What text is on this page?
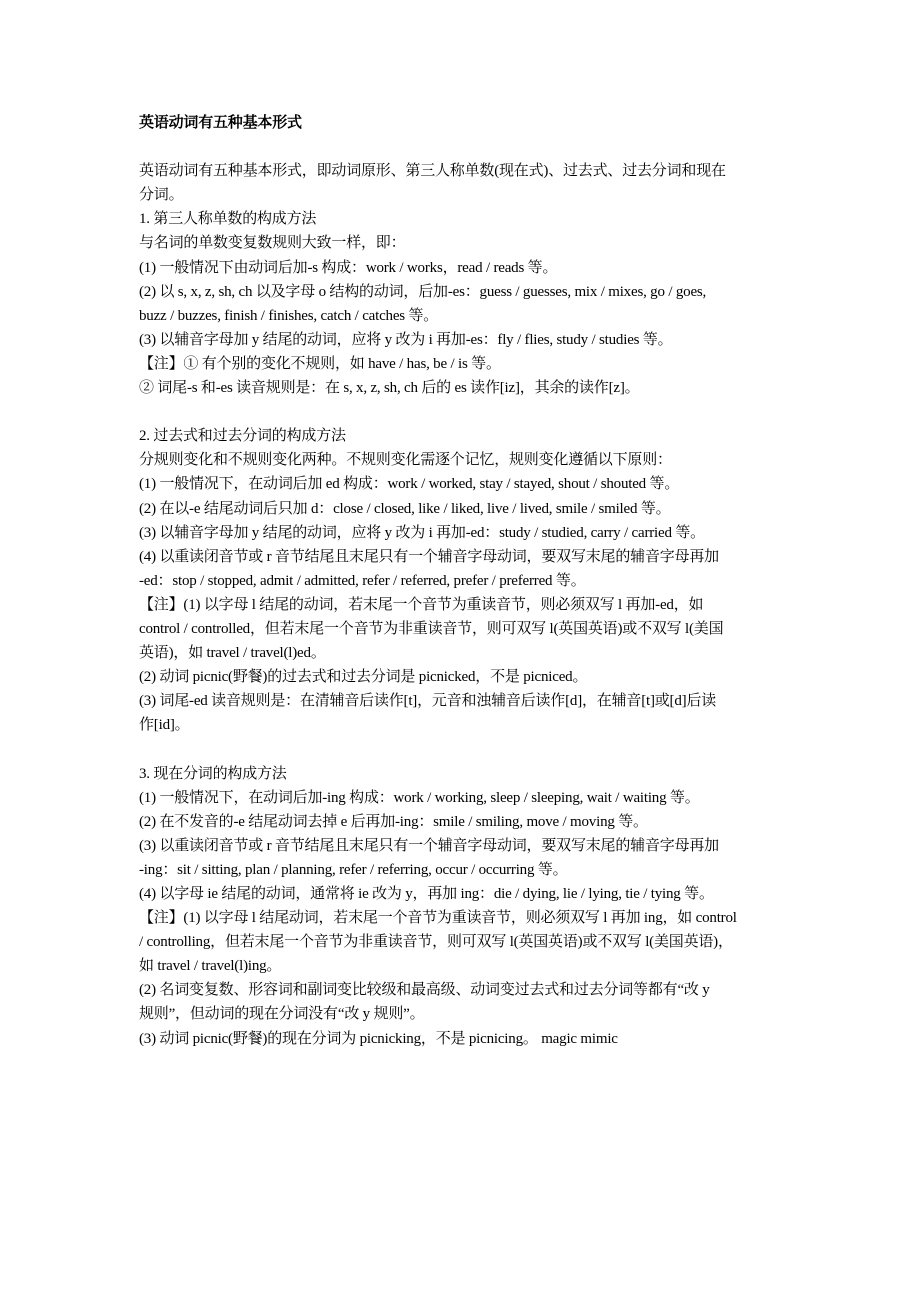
英语动词有五种基本形式
英语动词有五种基本形式，即动词原形、第三人称单数(现在式)、过去式、过去分词和现在
分词。
1. 第三人称单数的构成方法
与名词的单数变复数规则大致一样，即：
(1) 一般情况下由动词后加-s 构成：work / works，read / reads 等。
(2) 以 s, x, z, sh, ch 以及字母 o 结构的动词，后加-es：guess / guesses, mix / mixes, go / goes,
buzz / buzzes, finish / finishes, catch / catches 等。
(3) 以辅音字母加 y 结尾的动词，应将 y 改为 i 再加-es：fly / flies, study / studies 等。
【注】① 有个别的变化不规则，如 have / has, be / is 等。
② 词尾-s 和-es 读音规则是：在 s, x, z, sh, ch 后的 es 读作[iz]，其余的读作[z]。
2. 过去式和过去分词的构成方法
分规则变化和不规则变化两种。不规则变化需逐个记忆，规则变化遵循以下原则：
(1) 一般情况下，在动词后加 ed 构成：work / worked, stay / stayed, shout / shouted 等。
(2) 在以-e 结尾动词后只加 d：close / closed, like / liked, live / lived, smile / smiled 等。
(3) 以辅音字母加 y 结尾的动词，应将 y 改为 i 再加-ed：study / studied, carry / carried 等。
(4) 以重读闭音节或 r 音节结尾且末尾只有一个辅音字母动词，要双写末尾的辅音字母再加
-ed：stop / stopped, admit / admitted, refer / referred, prefer / preferred 等。
【注】(1) 以字母 l 结尾的动词，若末尾一个音节为重读音节，则必须双写 l 再加-ed，如
control / controlled，但若末尾一个音节为非重读音节，则可双写 l(英国英语)或不双写 l(美国
英语)，如 travel / travel(l)ed。
(2) 动词 picnic(野餐)的过去式和过去分词是 picnicked，不是 picniced。
(3) 词尾-ed 读音规则是：在清辅音后读作[t]，元音和浊辅音后读作[d]，在辅音[t]或[d]后读
作[id]。
3. 现在分词的构成方法
(1) 一般情况下，在动词后加-ing 构成：work / working, sleep / sleeping, wait / waiting 等。
(2) 在不发音的-e 结尾动词去掉 e 后再加-ing：smile / smiling, move / moving 等。
(3) 以重读闭音节或 r 音节结尾且末尾只有一个辅音字母动词，要双写末尾的辅音字母再加
-ing：sit / sitting, plan / planning, refer / referring, occur / occurring 等。
(4) 以字母 ie 结尾的动词，通常将 ie 改为 y，再加 ing：die / dying, lie / lying, tie / tying 等。
【注】(1) 以字母 l 结尾动词，若末尾一个音节为重读音节，则必须双写 l 再加 ing，如 control
/ controlling，但若末尾一个音节为非重读音节，则可双写 l(英国英语)或不双写 l(美国英语)，
如 travel / travel(l)ing。
(2) 名词变复数、形容词和副词变比较级和最高级、动词变过去式和过去分词等都有“改 y
规则”，但动词的现在分词没有“改 y 规则”。
(3) 动词 picnic(野餐)的现在分词为 picnicking，不是 picnicing。 magic mimic
